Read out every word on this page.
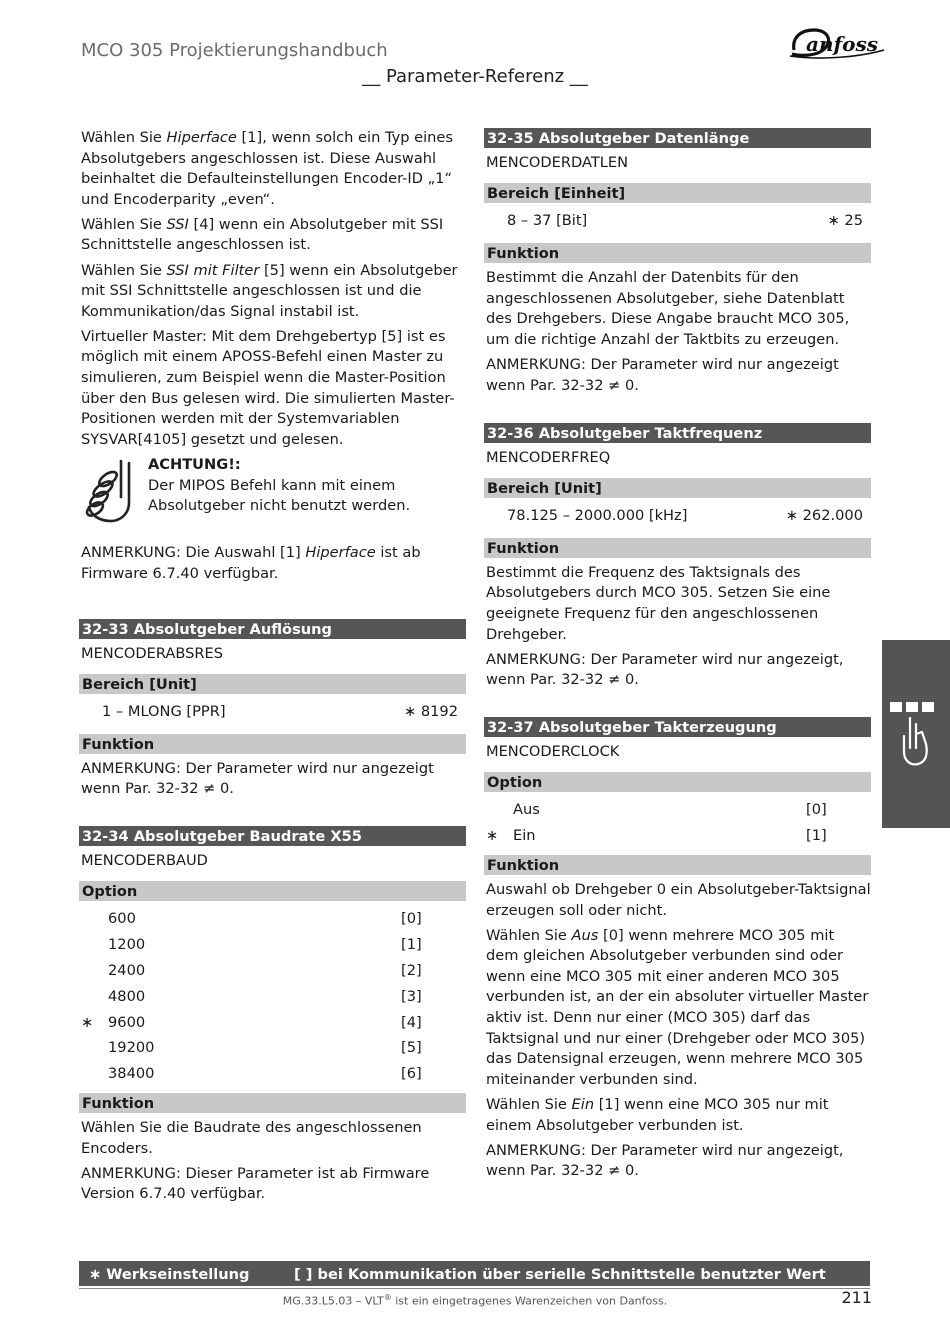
MCO 305 Projektierungshandbuch
__ Parameter-Referenz __
anfoss

Wählen Sie Hiperface [1], wenn solch ein Typ eines Absolutgebers angeschlossen ist. Diese Auswahl beinhaltet die Defaulteinstellungen Encoder-ID „1“ und Encoderparity „even“.

Wählen Sie SSI [4] wenn ein Absolutgeber mit SSI Schnittstelle angeschlossen ist.

Wählen Sie SSI mit Filter [5] wenn ein Absolutgeber mit SSI Schnittstelle angeschlossen ist und die Kommunikation/das Signal instabil ist.

Virtueller Master: Mit dem Drehgebertyp [5] ist es möglich mit einem APOSS-Befehl einen Master zu simulieren, zum Beispiel wenn die Master-Position über den Bus gelesen wird. Die simulierten Master-Positionen werden mit der Systemvariablen SYSVAR[4105] gesetzt und gelesen.

ACHTUNG!:
Der MIPOS Befehl kann mit einem Absolutgeber nicht benutzt werden.

ANMERKUNG: Die Auswahl [1] Hiperface ist ab Firmware 6.7.40 verfügbar.

32-33 Absolutgeber Auflösung

MENCODERABSRES

Bereich [Unit]
1 – MLONG [PPR]	∗ 8192
Funktion

ANMERKUNG: Der Parameter wird nur angezeigt wenn Par. 32-32 ≠ 0.

32-34 Absolutgeber Baudrate X55

MENCODERBAUD

Option
600	[0]
1200	[1]
2400	[2]
4800	[3]
∗ 9600	[4]
19200	[5]
38400	[6]
Funktion

Wählen Sie die Baudrate des angeschlossenen Encoders.

ANMERKUNG: Dieser Parameter ist ab Firmware Version 6.7.40 verfügbar.

32-35 Absolutgeber Datenlänge

MENCODERDATLEN

Bereich [Einheit]
8 – 37 [Bit]	∗ 25
Funktion

Bestimmt die Anzahl der Datenbits für den angeschlossenen Absolutgeber, siehe Datenblatt des Drehgebers. Diese Angabe braucht MCO 305, um die richtige Anzahl der Taktbits zu erzeugen.

ANMERKUNG: Der Parameter wird nur angezeigt wenn Par. 32-32 ≠ 0.

32-36 Absolutgeber Taktfrequenz

MENCODERFREQ

Bereich [Unit]
78.125 – 2000.000 [kHz]	∗ 262.000
Funktion

Bestimmt die Frequenz des Taktsignals des Absolutgebers durch MCO 305. Setzen Sie eine geeignete Frequenz für den angeschlossenen Drehgeber.

ANMERKUNG: Der Parameter wird nur angezeigt, wenn Par. 32-32 ≠ 0.

32-37 Absolutgeber Takterzeugung

MENCODERCLOCK

Option
Aus	[0]
∗ Ein	[1]
Funktion

Auswahl ob Drehgeber 0 ein Absolutgeber-Taktsignal erzeugen soll oder nicht.

Wählen Sie Aus [0] wenn mehrere MCO 305 mit dem gleichen Absolutgeber verbunden sind oder wenn eine MCO 305 mit einer anderen MCO 305 verbunden ist, an der ein absoluter virtueller Master aktiv ist. Denn nur einer (MCO 305) darf das Taktsignal und nur einer (Drehgeber oder MCO 305) das Datensignal erzeugen, wenn mehrere MCO 305 miteinander verbunden sind.

Wählen Sie Ein [1] wenn eine MCO 305 nur mit einem Absolutgeber verbunden ist.

ANMERKUNG: Der Parameter wird nur angezeigt, wenn Par. 32-32 ≠ 0.

∗ Werkseinstellung	[ ] bei Kommunikation über serielle Schnittstelle benutzter Wert
MG.33.L5.03 – VLT® ist ein eingetragenes Warenzeichen von Danfoss.	211
